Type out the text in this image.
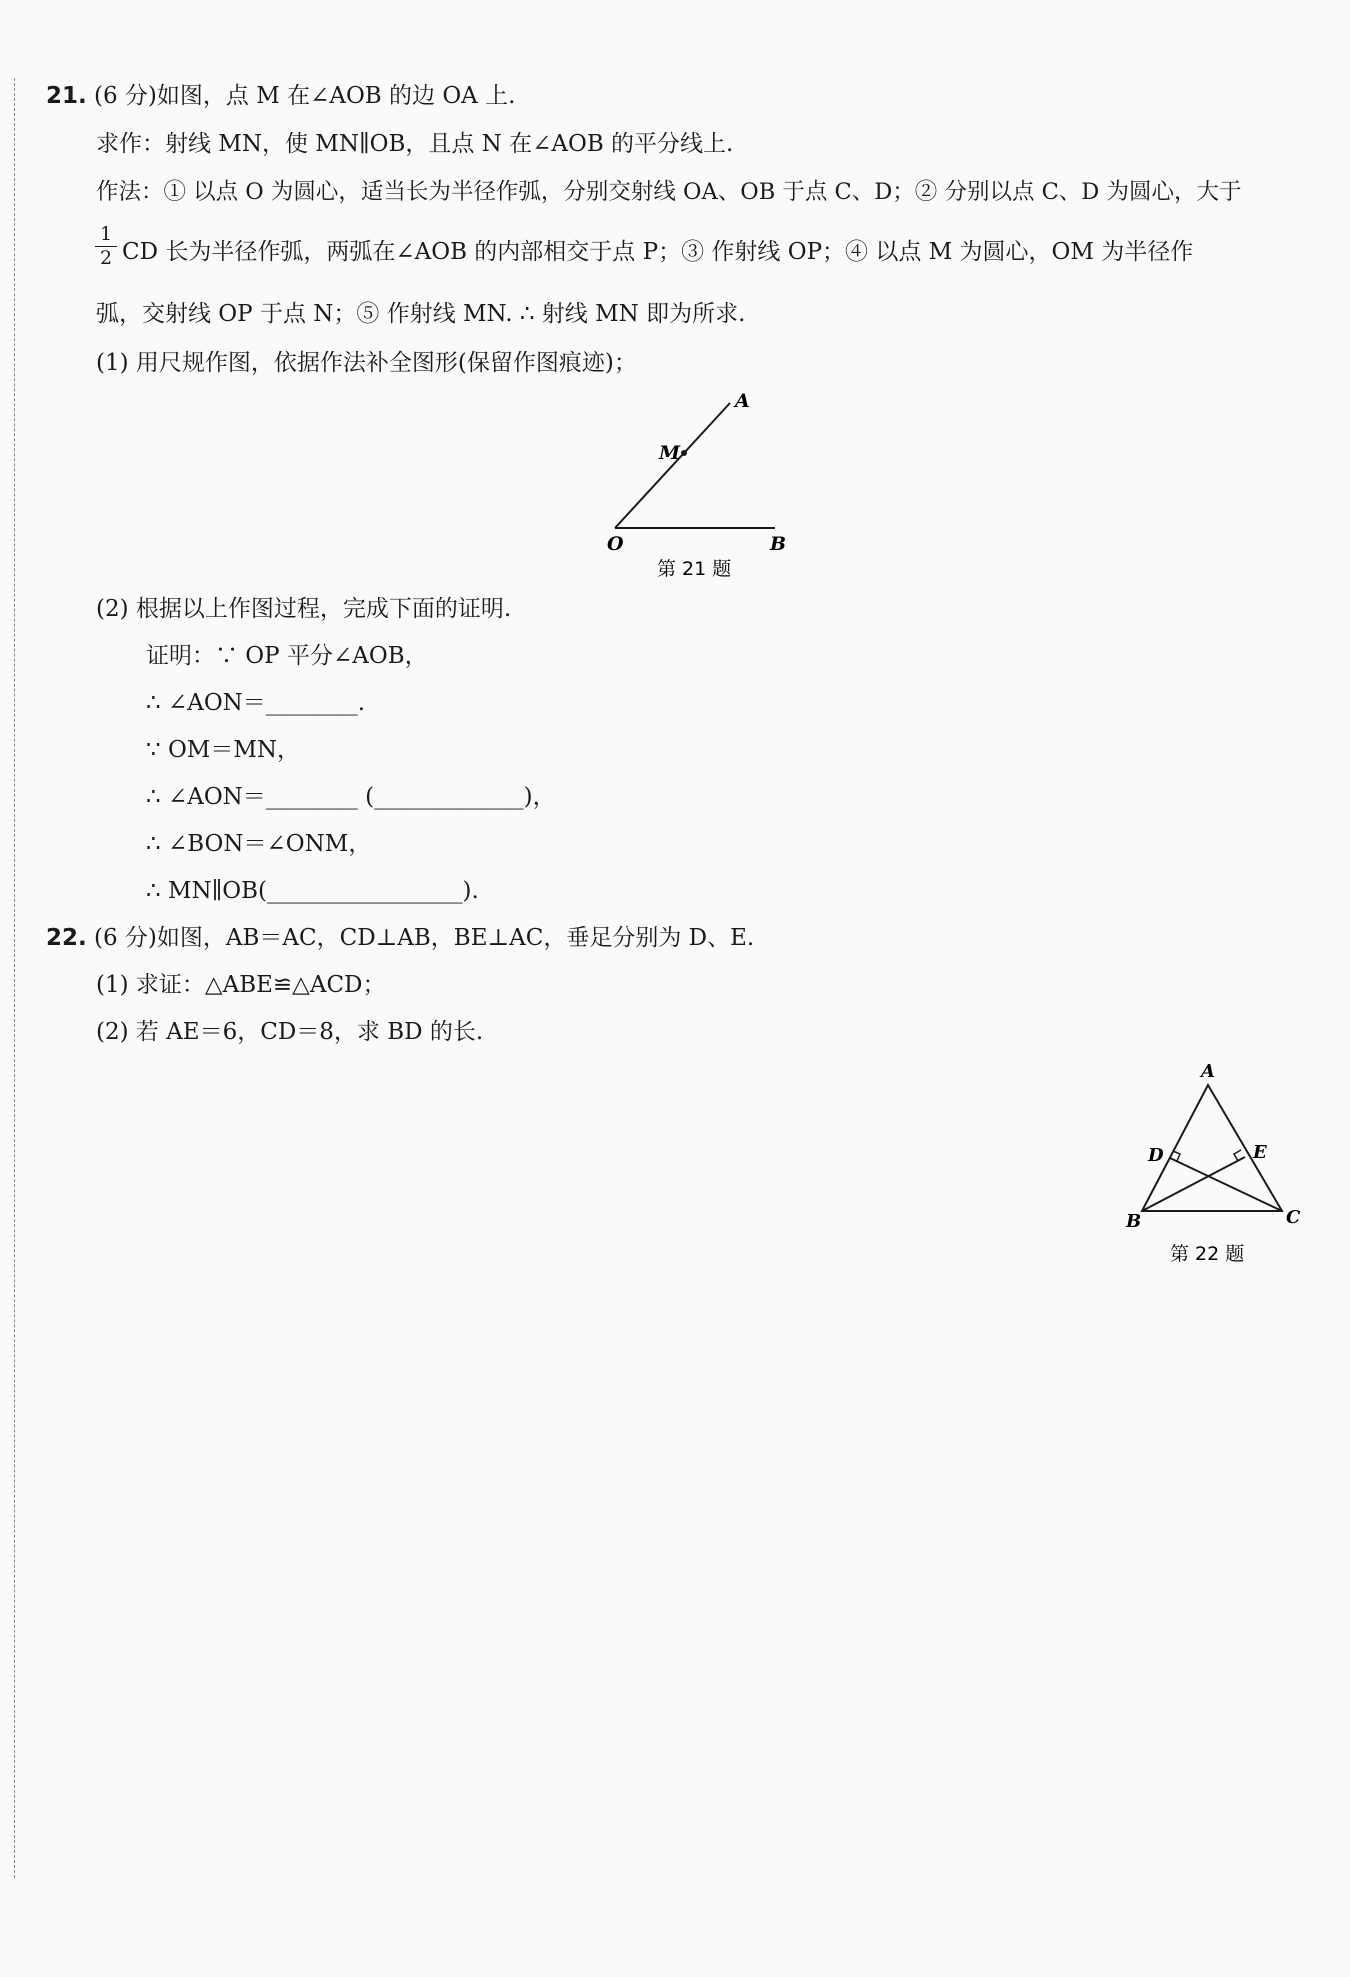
21. (6 分)如图，点 M 在∠AOB 的边 OA 上.
求作：射线 MN，使 MN∥OB，且点 N 在∠AOB 的平分线上.
作法：① 以点 O 为圆心，适当长为半径作弧，分别交射线 OA、OB 于点 C、D；② 分别以点 C、D 为圆心，大于
$\frac{1}{2}$ CD 长为半径作弧，两弧在∠AOB 的内部相交于点 P；③ 作射线 OP；④ 以点 M 为圆心，OM 为半径作
弧，交射线 OP 于点 N；⑤ 作射线 MN. ∴ 射线 MN 即为所求.
(1) 用尺规作图，依据作法补全图形(保留作图痕迹)；
A
M
O	B
第 21 题
(2) 根据以上作图过程，完成下面的证明.
证明：∵ OP 平分∠AOB，
∴ ∠AON＝________.
∵ OM＝MN，
∴ ∠AON＝________ (_____________)，
∴ ∠BON＝∠ONM，
∴ MN∥OB(_________________).
22. (6 分)如图，AB＝AC，CD⊥AB，BE⊥AC，垂足分别为 D、E.
(1) 求证：△ABE≌△ACD；
(2) 若 AE＝6，CD＝8，求 BD 的长.
A
D	E
B	C
第 22 题
